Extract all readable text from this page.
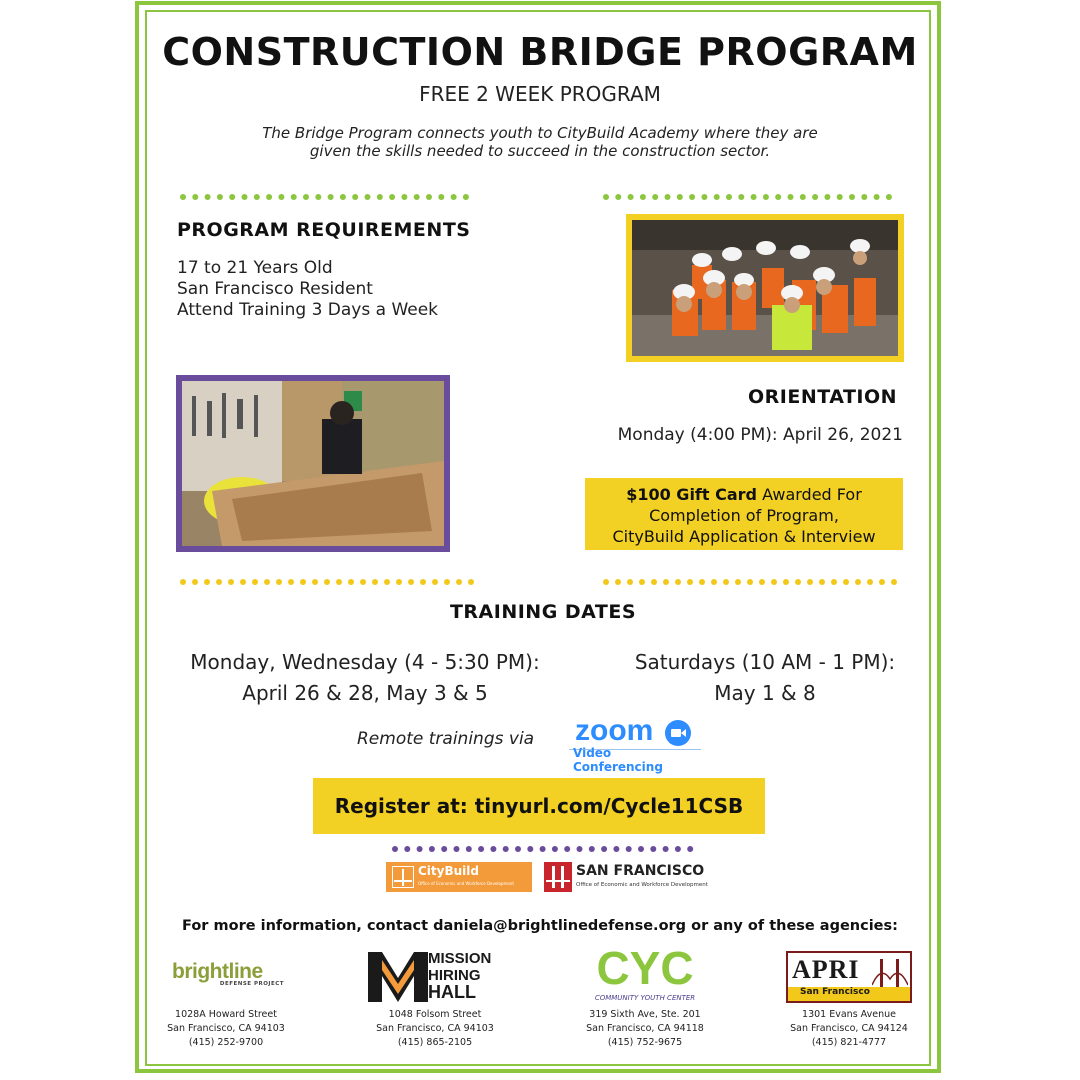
CONSTRUCTION BRIDGE PROGRAM
FREE 2 WEEK PROGRAM
The Bridge Program connects youth to CityBuild Academy where they are
given the skills needed to succeed in the construction sector.
PROGRAM REQUIREMENTS
17 to 21 Years Old
San Francisco Resident
Attend Training 3 Days a Week
ORIENTATION
Monday (4:00 PM): April 26, 2021
$100 Gift Card Awarded For
Completion of Program,
CityBuild Application & Interview
TRAINING DATES
Monday, Wednesday (4 - 5:30 PM):
April 26 & 28, May 3 & 5
Saturdays (10 AM - 1 PM):
May 1 & 8
Remote trainings via zoom
Video Conferencing
Register at: tinyurl.com/Cycle11CSB
CityBuild
Office of Economic and Workforce Development
SAN FRANCISCO
Office of Economic and Workforce Development
For more information, contact daniela@brightlinedefense.org or any of these agencies:
brightline
DEFENSE PROJECT
1028A Howard Street
San Francisco, CA 94103
(415) 252-9700
MISSION
HIRING
HALL
1048 Folsom Street
San Francisco, CA 94103
(415) 865-2105
CYC
COMMUNITY YOUTH CENTER
319 Sixth Ave, Ste. 201
San Francisco, CA 94118
(415) 752-9675
APRI
San Francisco
1301 Evans Avenue
San Francisco, CA 94124
(415) 821-4777
